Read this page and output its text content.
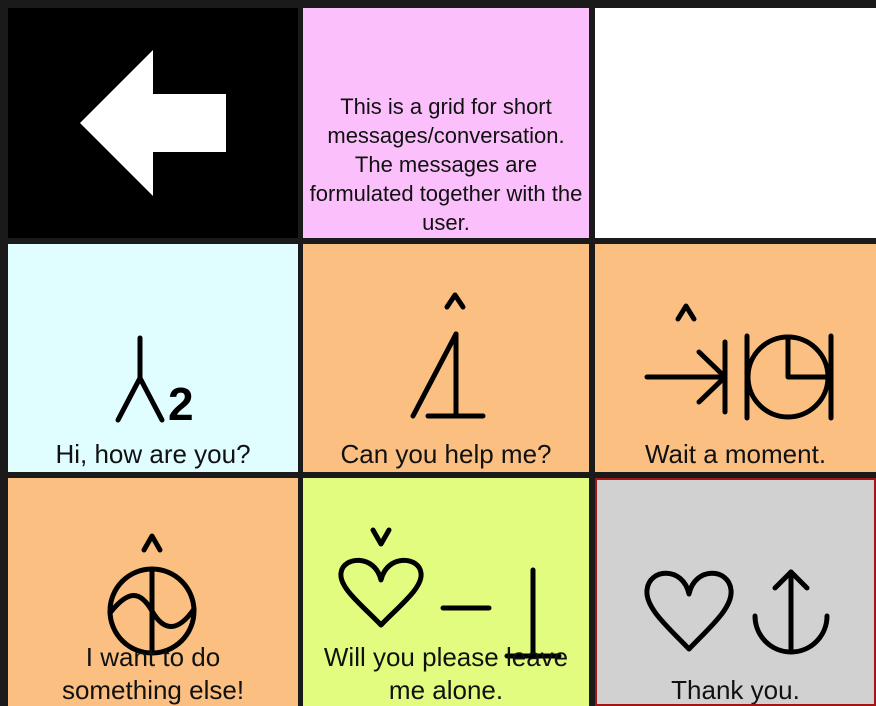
This is a grid for short messages/conversation. The messages are formulated together with the user.
2
Hi, how are you?	Can you help me?	Wait a moment.
I want to do something else!
Will you please leave me alone.	Thank you.
